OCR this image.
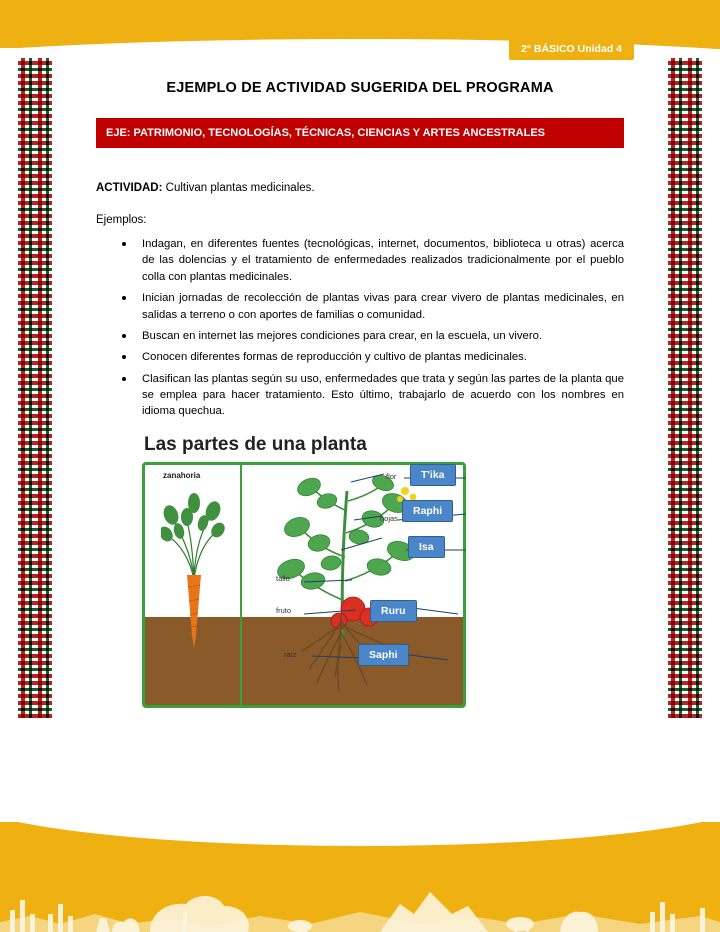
2° BÁSICO Unidad 4
EJEMPLO DE ACTIVIDAD SUGERIDA DEL PROGRAMA
EJE: PATRIMONIO, TECNOLOGÍAS, TÉCNICAS, CIENCIAS Y ARTES ANCESTRALES

ACTIVIDAD: Cultivan plantas medicinales.

Ejemplos:

Indagan, en diferentes fuentes (tecnológicas, internet, documentos, biblioteca u otras) acerca de las dolencias y el tratamiento de enfermedades realizados tradicionalmente por el pueblo colla con plantas medicinales.
Inician jornadas de recolección de plantas vivas para crear vivero de plantas medicinales, en salidas a terreno o con aportes de familias o comunidad.
Buscan en internet las mejores condiciones para crear, en la escuela, un vivero.
Conocen diferentes formas de reproducción y cultivo de plantas medicinales.
Clasifican las plantas según su uso, enfermedades que trata y según las partes de la planta que se emplea para hacer tratamiento. Esto último, trabajarlo de acuerdo con los nombres en idioma quechua.
Las partes de una planta
zanahoria	flor
hojas
tallo
fruto
raíz
T'ika
Raphi
Isa
Ruru
Saphi
